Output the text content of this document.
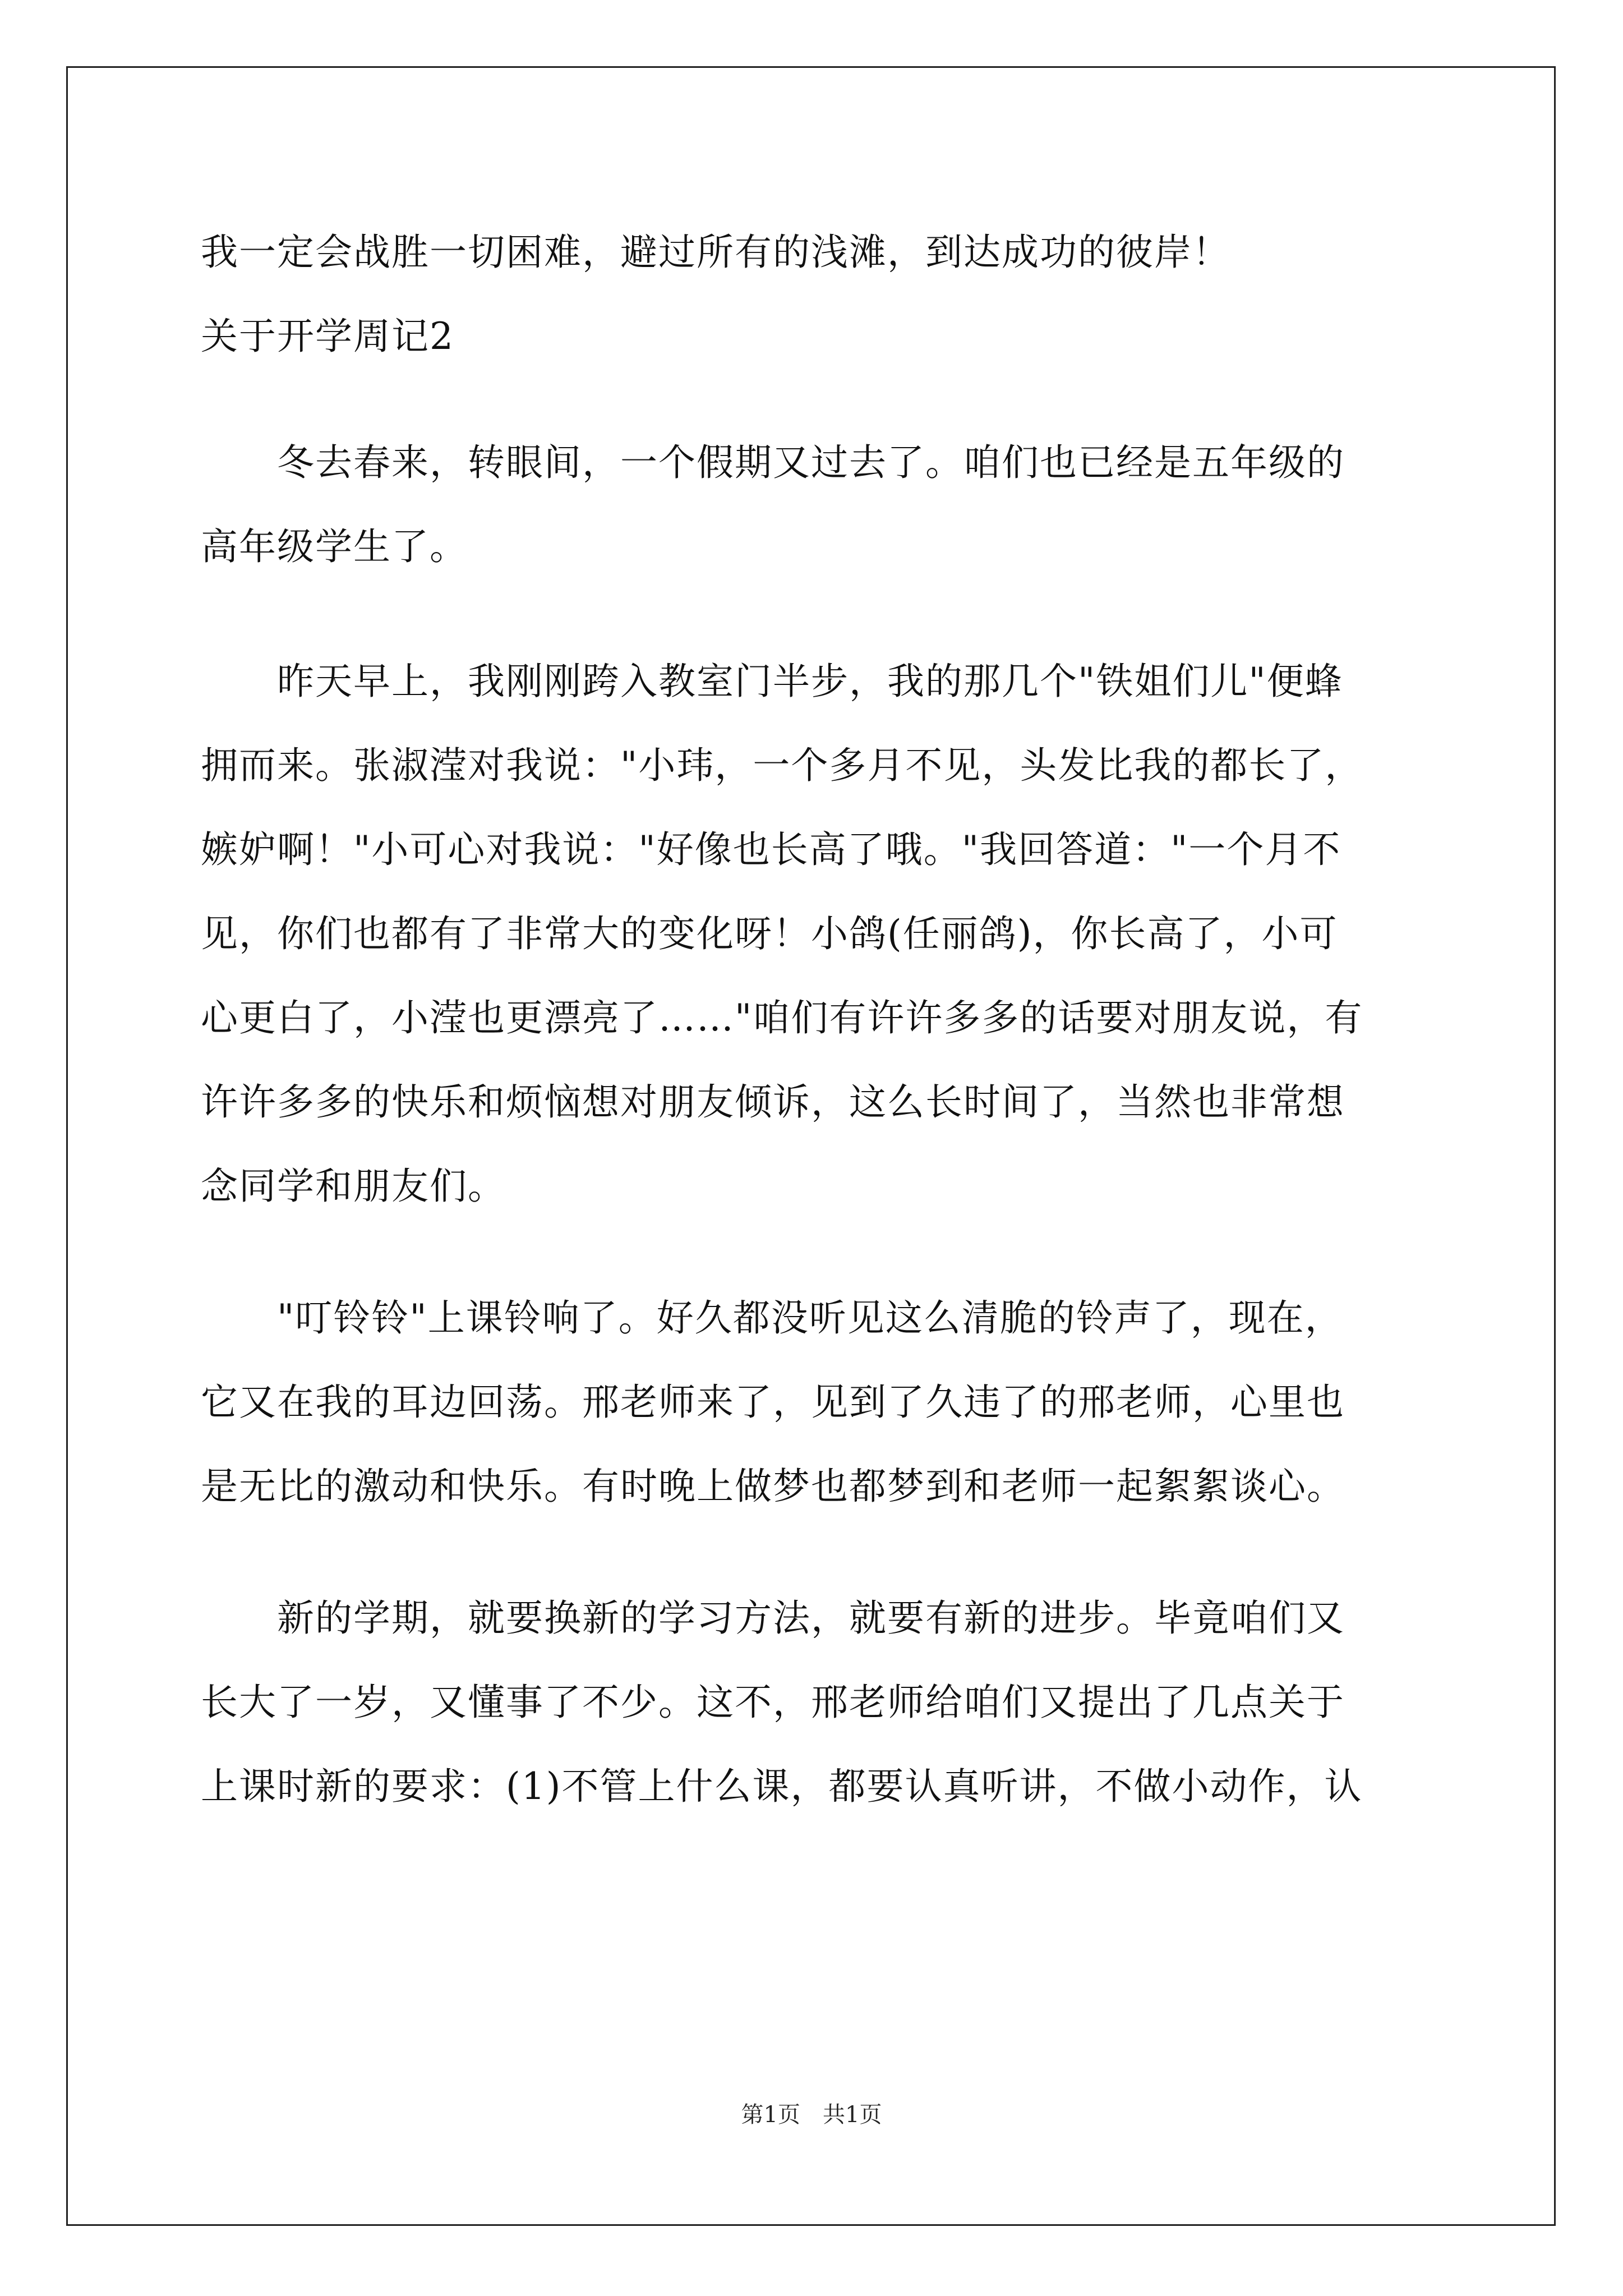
我一定会战胜一切困难，避过所有的浅滩，到达成功的彼岸！
关于开学周记2
　　冬去春来，转眼间，一个假期又过去了。咱们也已经是五年级的
高年级学生了。
　　昨天早上，我刚刚跨入教室门半步，我的那几个"铁姐们儿"便蜂
拥而来。张淑滢对我说："小玮，一个多月不见，头发比我的都长了，
嫉妒啊！"小可心对我说："好像也长高了哦。"我回答道："一个月不
见，你们也都有了非常大的变化呀！小鸽(任丽鸽)，你长高了，小可
心更白了，小滢也更漂亮了……"咱们有许许多多的话要对朋友说，有
许许多多的快乐和烦恼想对朋友倾诉，这么长时间了，当然也非常想
念同学和朋友们。
　　"叮铃铃"上课铃响了。好久都没听见这么清脆的铃声了，现在，
它又在我的耳边回荡。邢老师来了，见到了久违了的邢老师，心里也
是无比的激动和快乐。有时晚上做梦也都梦到和老师一起絮絮谈心。
　　新的学期，就要换新的学习方法，就要有新的进步。毕竟咱们又
长大了一岁，又懂事了不少。这不，邢老师给咱们又提出了几点关于
上课时新的要求：(1)不管上什么课，都要认真听讲，不做小动作，认
第1页　共1页
